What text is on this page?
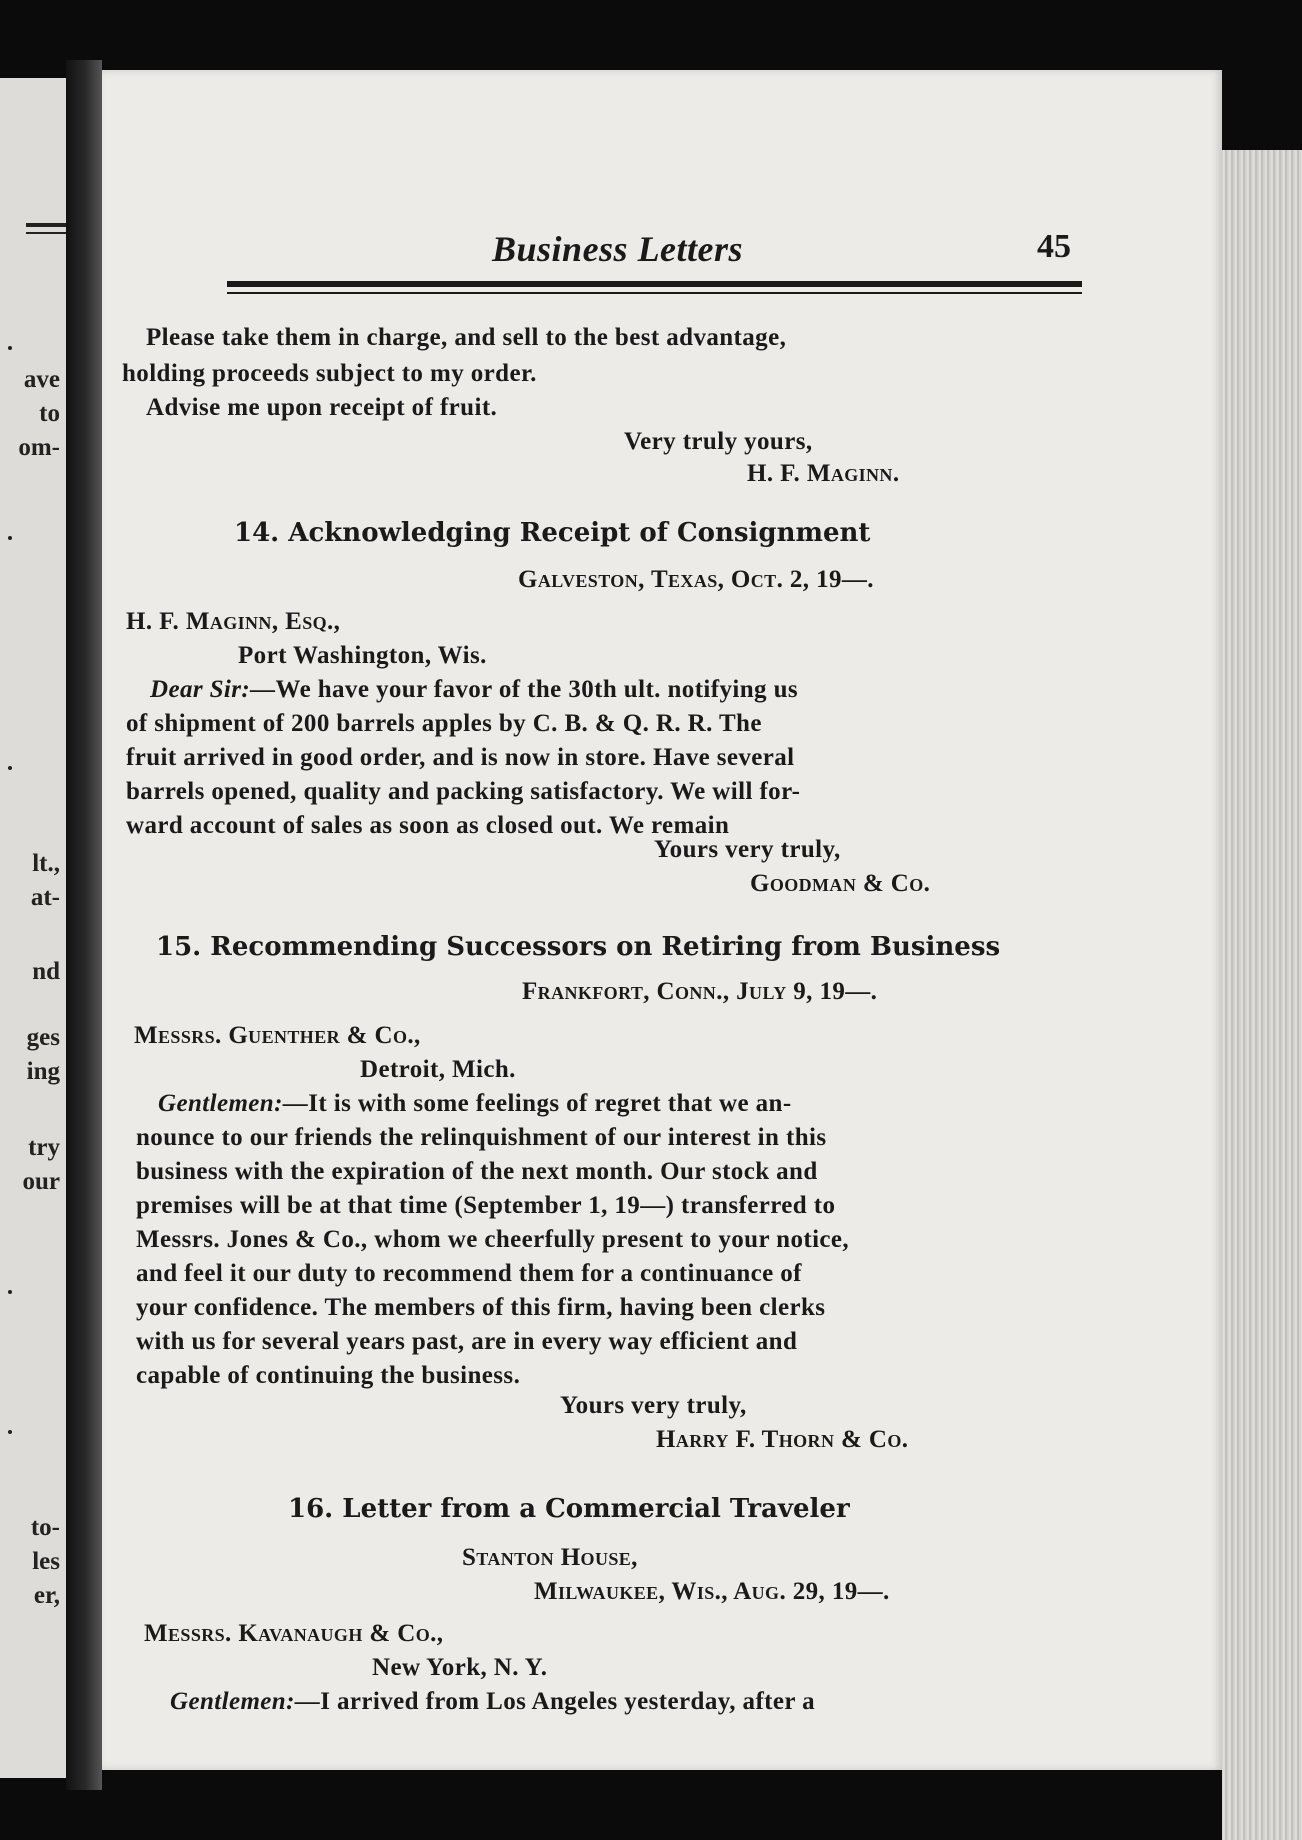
ave
to
om-
lt.,
at-
nd
ges
ing
try
our
to-
les
er,
Business Letters	45
Please take them in charge, and sell to the best advantage,
holding proceeds subject to my order.
Advise me upon receipt of fruit.
Very truly yours,
H. F. Maginn.
14. Acknowledging Receipt of Consignment
Galveston, Texas, Oct. 2, 19—.
H. F. Maginn, Esq.,
Port Washington, Wis.
Dear Sir:—We have your favor of the 30th ult. notifying us
of shipment of 200 barrels apples by C. B. & Q. R. R. The
fruit arrived in good order, and is now in store. Have several
barrels opened, quality and packing satisfactory. We will for-
ward account of sales as soon as closed out. We remain
Yours very truly,
Goodman & Co.
15. Recommending Successors on Retiring from Business
Frankfort, Conn., July 9, 19—.
Messrs. Guenther & Co.,
Detroit, Mich.
Gentlemen:—It is with some feelings of regret that we an-
nounce to our friends the relinquishment of our interest in this
business with the expiration of the next month. Our stock and
premises will be at that time (September 1, 19—) transferred to
Messrs. Jones & Co., whom we cheerfully present to your notice,
and feel it our duty to recommend them for a continuance of
your confidence. The members of this firm, having been clerks
with us for several years past, are in every way efficient and
capable of continuing the business.
Yours very truly,
Harry F. Thorn & Co.
16. Letter from a Commercial Traveler
Stanton House,
Milwaukee, Wis., Aug. 29, 19—.
Messrs. Kavanaugh & Co.,
New York, N. Y.
Gentlemen:—I arrived from Los Angeles yesterday, after a
